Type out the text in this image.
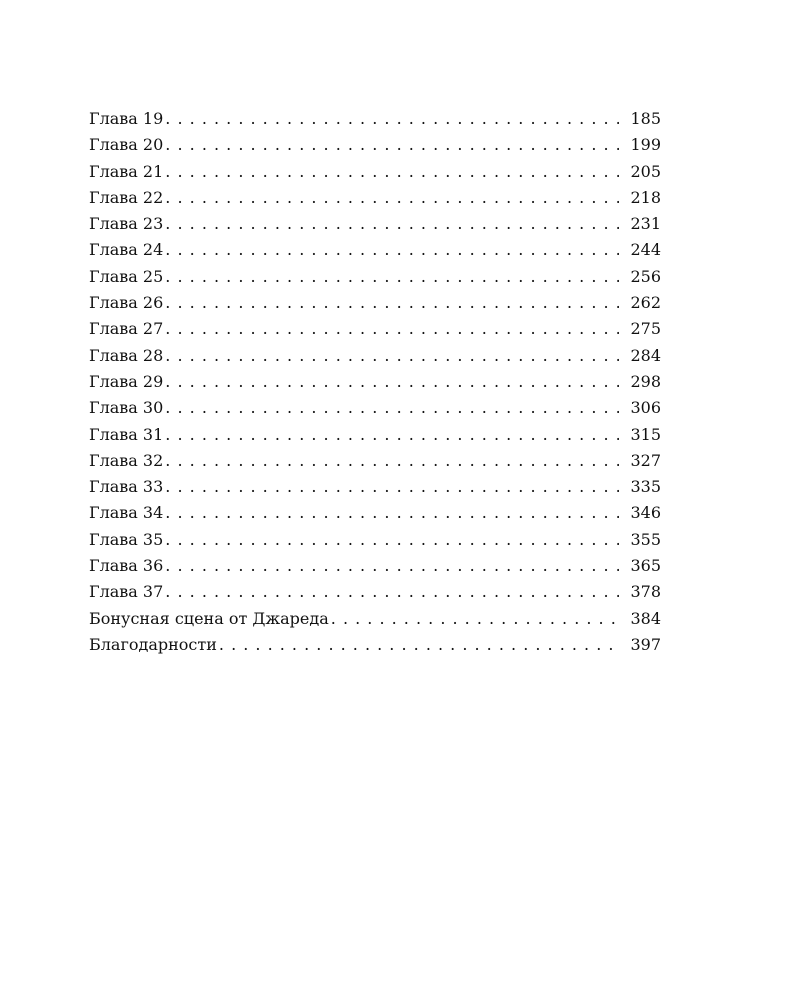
Глава 19 . . .	185
Глава 20 . . .	199
Глава 21 . . .	205
Глава 22 . . .	218
Глава 23 . . .	231
Глава 24 . . .	244
Глава 25 . . .	256
Глава 26 . . .	262
Глава 27 . . .	275
Глава 28 . . .	284
Глава 29 . . .	298
Глава 30 . . .	306
Глава 31 . . .	315
Глава 32 . . .	327
Глава 33 . . .	335
Глава 34 . . .	346
Глава 35 . . .	355
Глава 36 . . .	365
Глава 37 . . .	378
Бонусная сцена от Джареда . . .	384
Благодарности . . .	397
